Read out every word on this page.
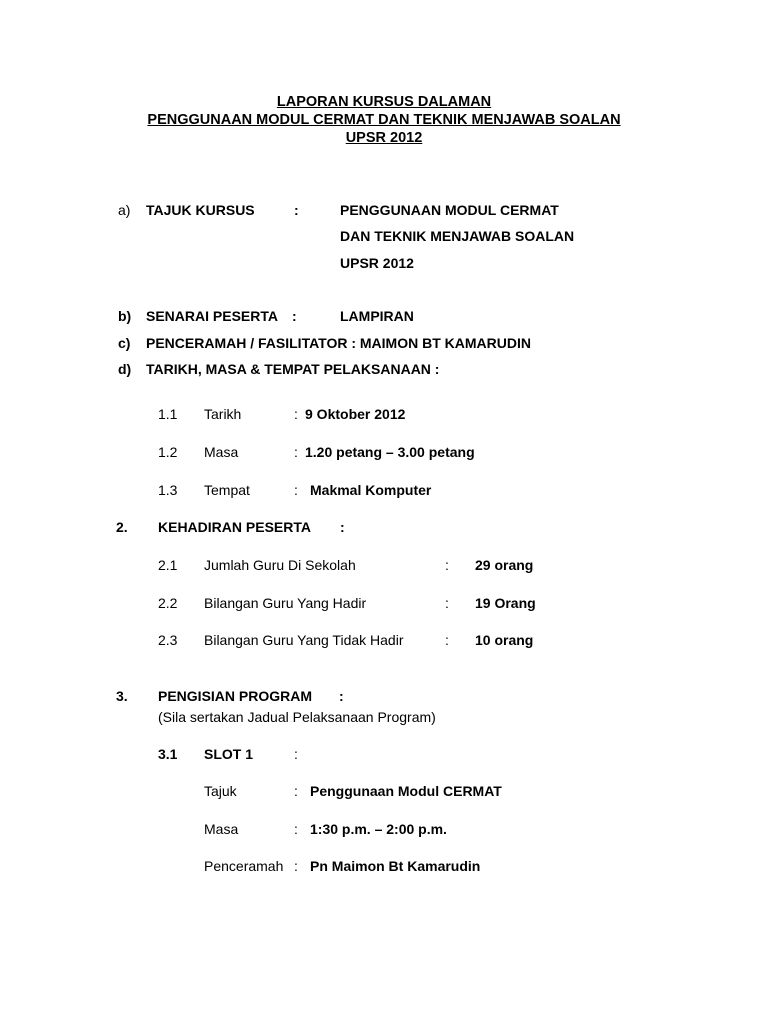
LAPORAN KURSUS DALAMAN
PENGGUNAAN MODUL CERMAT DAN TEKNIK MENJAWAB SOALAN
UPSR 2012
a) TAJUK KURSUS	:	PENGGUNAAN MODUL CERMAT
DAN TEKNIK MENJAWAB SOALAN
UPSR 2012
b) SENARAI PESERTA :	LAMPIRAN
c) PENCERAMAH / FASILITATOR : MAIMON BT KAMARUDIN
d) TARIKH, MASA & TEMPAT PELAKSANAAN :
1.1 Tarikh	: 9 Oktober 2012
1.2 Masa	: 1.20 petang – 3.00 petang
1.3 Tempat	: Makmal Komputer
2. KEHADIRAN PESERTA :
2.1 Jumlah Guru Di Sekolah	: 29 orang
2.2 Bilangan Guru Yang Hadir	: 19 Orang
2.3 Bilangan Guru Yang Tidak Hadir	: 10 orang
3. PENGISIAN PROGRAM :
(Sila sertakan Jadual Pelaksanaan Program)
3.1 SLOT 1	:
Tajuk	: Penggunaan Modul CERMAT
Masa	: 1:30 p.m. – 2:00 p.m.
Penceramah : Pn Maimon Bt Kamarudin
